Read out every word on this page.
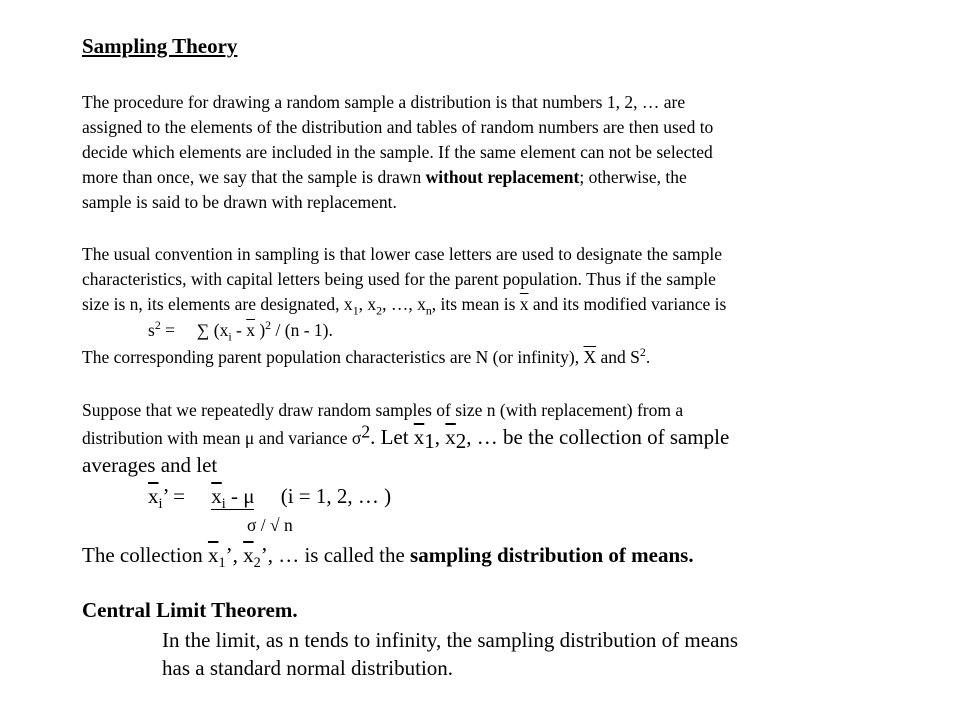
Sampling Theory
The procedure for drawing a random sample a distribution is that numbers 1, 2, … are
assigned to the elements of the distribution and tables of random numbers are then used to
decide which elements are included in the sample. If the same element can not be selected
more than once, we say that the sample is drawn without replacement; otherwise, the
sample is said to be drawn with replacement.
The usual convention in sampling is that lower case letters are used to designate the sample
characteristics, with capital letters being used for the parent population. Thus if the sample
size is n, its elements are designated, $x_1$, $x_2$, …, $x_n$, its mean is $\overline{x}$ and its modified variance is
$s^2$ =     ∑ ($x_i - \overline{x}$ )$^2$ / (n - 1).
The corresponding parent population characteristics are N (or infinity), $\overline{X}$ and $S^2$.
Suppose that we repeatedly draw random samples of size n (with replacement) from a
distribution with mean μ and variance $\sigma^2$. Let $\overline{x}_1$, $\overline{x}_2$, … be the collection of sample
averages and let
$\overline{x}_i$’ =     $\overline{x}_i$ - μ     (i = 1, 2, … )
σ / √ n
The collection $\overline{x}_1$’, $\overline{x}_2$’, … is called the sampling distribution of means.
Central Limit Theorem.
In the limit, as n tends to infinity, the sampling distribution of means
has a standard normal distribution.
